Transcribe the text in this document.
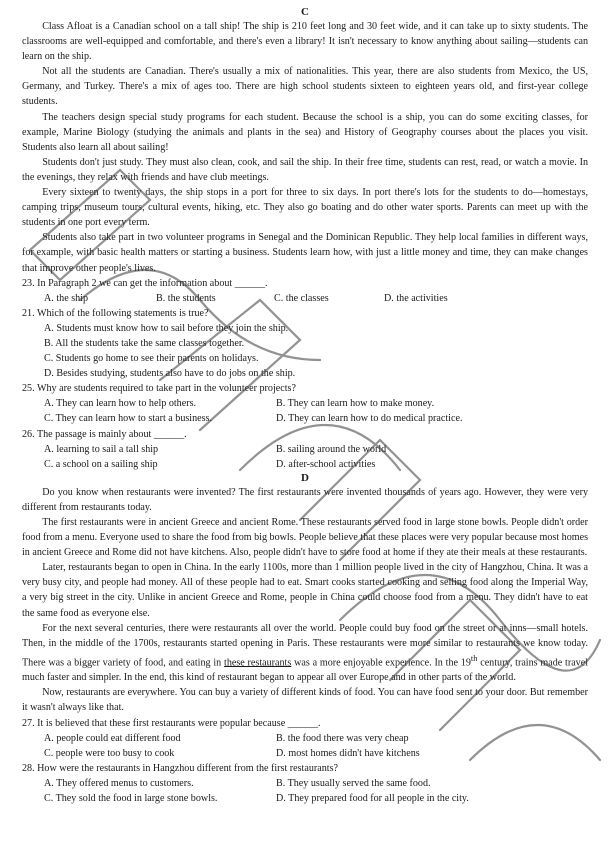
C

Class Afloat is a Canadian school on a tall ship! The ship is 210 feet long and 30 feet wide, and it can take up to sixty students. The classrooms are well-equipped and comfortable, and there's even a library! It isn't necessary to know anything about sailing—students can learn on the ship.

Not all the students are Canadian. There's usually a mix of nationalities. This year, there are also students from Mexico, the US, Germany, and Turkey. There's a mix of ages too. There are high school students sixteen to eighteen years old, and first-year college students.

The teachers design special study programs for each student. Because the school is a ship, you can do some exciting classes, for example, Marine Biology (studying the animals and plants in the sea) and History of Geography courses about the places you visit. Students also learn all about sailing!

Students don't just study. They must also clean, cook, and sail the ship. In their free time, students can rest, read, or watch a movie. In the evenings, they relax with friends and have club meetings.

Every sixteen to twenty days, the ship stops in a port for three to six days. In port there's lots for the students to do—homestays, camping trips, museum tours, cultural events, hiking, etc. They also go boating and do other water sports. Parents can meet up with the students in one port every term.

Students also take part in two volunteer programs in Senegal and the Dominican Republic. They help local families in different ways, for example, with basic health matters or starting a business. Students learn how, with just a little money and time, they can make changes that improve other people's lives.

23. In Paragraph 2 we can get the information about ______.
A. the ship	B. the students	C. the classes	D. the activities
21. Which of the following statements is true?
A. Students must know how to sail before they join the ship.
B. All the students take the same classes together.
C. Students go home to see their parents on holidays.
D. Besides studying, students also have to do jobs on the ship.
25. Why are students required to take part in the volunteer projects?
A. They can learn how to help others.	B. They can learn how to make money.
C. They can learn how to start a business.	D. They can learn how to do medical practice.
26. The passage is mainly about ______.
A. learning to sail a tall ship	B. sailing around the world
C. a school on a sailing ship	D. after-school activities
D

Do you know when restaurants were invented? The first restaurants were invented thousands of years ago. However, they were very different from restaurants today.

The first restaurants were in ancient Greece and ancient Rome. These restaurants served food in large stone bowls. People didn't order food from a menu. Everyone used to share the food from big bowls. People believe that these places were very popular because most homes in ancient Greece and Rome did not have kitchens. Also, people didn't have to store food at home if they ate their meals at these restaurants.

Later, restaurants began to open in China. In the early 1100s, more than 1 million people lived in the city of Hangzhou, China. It was a very busy city, and people had money. All of these people had to eat. Smart cooks started cooking and selling food along the Imperial Way, a very big street in the city. Unlike in ancient Greece and Rome, people in China could choose food from a menu. They didn't have to eat the same food as everyone else.

For the next several centuries, there were restaurants all over the world. People could buy food on the street or at inns—small hotels. Then, in the middle of the 1700s, restaurants started opening in Paris. These restaurants were more similar to restaurants we know today. There was a bigger variety of food, and eating in these restaurants was a more enjoyable experience. In the 19th century, trains made travel much faster and simpler. In the end, this kind of restaurant began to appear all over Europe and in other parts of the world.

Now, restaurants are everywhere. You can buy a variety of different kinds of food. You can have food sent to your door. But remember it wasn't always like that.

27. It is believed that these first restaurants were popular because ______.
A. people could eat different food	B. the food there was very cheap
C. people were too busy to cook	D. most homes didn't have kitchens
28. How were the restaurants in Hangzhou different from the first restaurants?
A. They offered menus to customers.	B. They usually served the same food.
C. They sold the food in large stone bowls.	D. They prepared food for all people in the city.
